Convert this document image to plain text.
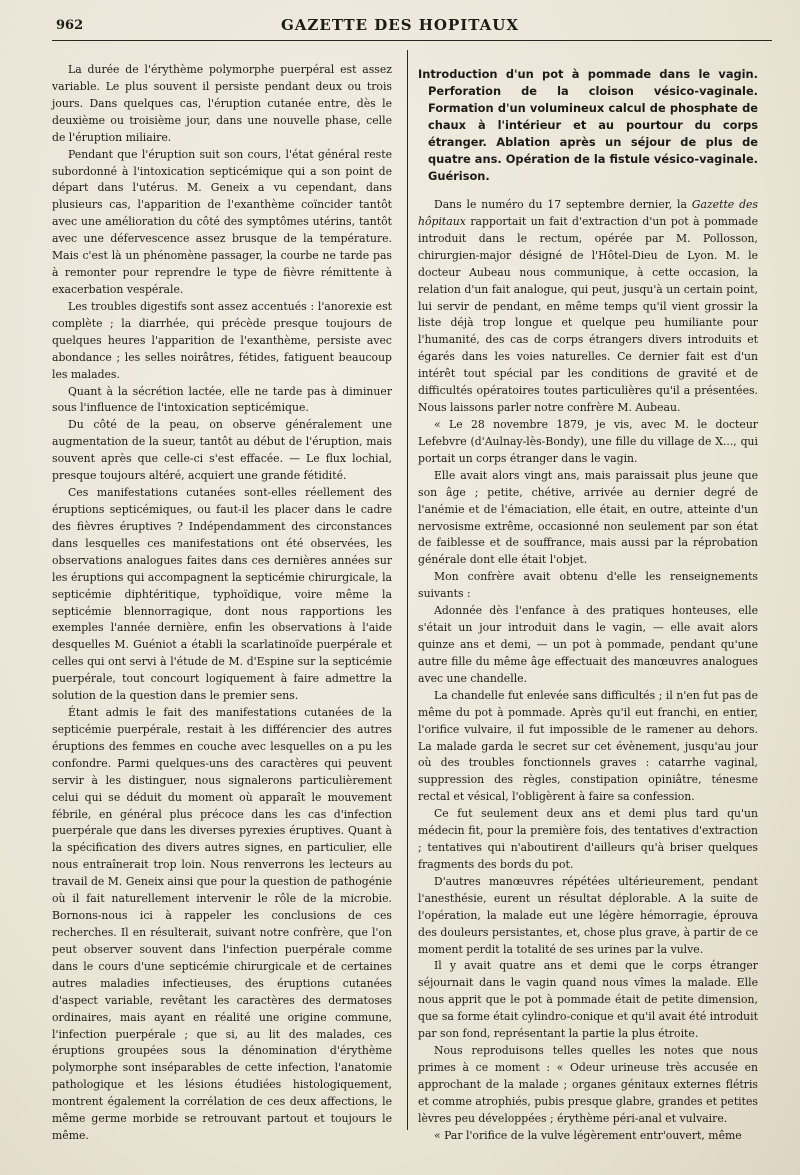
962	GAZETTE DES HOPITAUX

La durée de l'érythème polymorphe puerpéral est assez variable. Le plus souvent il persiste pendant deux ou trois jours. Dans quelques cas, l'éruption cutanée entre, dès le deuxième ou troisième jour, dans une nouvelle phase, celle de l'éruption miliaire.

Pendant que l'éruption suit son cours, l'état général reste subordonné à l'intoxication septicémique qui a son point de départ dans l'utérus. M. Geneix a vu cependant, dans plusieurs cas, l'apparition de l'exanthème coïncider tantôt avec une amélioration du côté des symptômes utérins, tantôt avec une défervescence assez brusque de la température. Mais c'est là un phénomène passager, la courbe ne tarde pas à remonter pour reprendre le type de fièvre rémittente à exacerbation vespérale.

Les troubles digestifs sont assez accentués : l'anorexie est complète ; la diarrhée, qui précède presque toujours de quelques heures l'apparition de l'exanthème, persiste avec abondance ; les selles noirâtres, fétides, fatiguent beaucoup les malades.

Quant à la sécrétion lactée, elle ne tarde pas à diminuer sous l'influence de l'intoxication septicémique.

Du côté de la peau, on observe généralement une augmentation de la sueur, tantôt au début de l'éruption, mais souvent après que celle-ci s'est effacée. — Le flux lochial, presque toujours altéré, acquiert une grande fétidité.

Ces manifestations cutanées sont-elles réellement des éruptions septicémiques, ou faut-il les placer dans le cadre des fièvres éruptives ? Indépendamment des circonstances dans lesquelles ces manifestations ont été observées, les observations analogues faites dans ces dernières années sur les éruptions qui accompagnent la septicémie chirurgicale, la septicémie diphtéritique, typhoïdique, voire même la septicémie blennorragique, dont nous rapportions les exemples l'année dernière, enfin les observations à l'aide desquelles M. Guéniot a établi la scarlatinoïde puerpérale et celles qui ont servi à l'étude de M. d'Espine sur la septicémie puerpérale, tout concourt logiquement à faire admettre la solution de la question dans le premier sens.

Étant admis le fait des manifestations cutanées de la septicémie puerpérale, restait à les différencier des autres éruptions des femmes en couche avec lesquelles on a pu les confondre. Parmi quelques-uns des caractères qui peuvent servir à les distinguer, nous signalerons particulièrement celui qui se déduit du moment où apparaît le mouvement fébrile, en général plus précoce dans les cas d'infection puerpérale que dans les diverses pyrexies éruptives. Quant à la spécification des divers autres signes, en particulier, elle nous entraînerait trop loin. Nous renverrons les lecteurs au travail de M. Geneix ainsi que pour la question de pathogénie où il fait naturellement intervenir le rôle de la microbie. Bornons-nous ici à rappeler les conclusions de ces recherches. Il en résulterait, suivant notre confrère, que l'on peut observer souvent dans l'infection puerpérale comme dans le cours d'une septicémie chirurgicale et de certaines autres maladies infectieuses, des éruptions cutanées d'aspect variable, revêtant les caractères des dermatoses ordinaires, mais ayant en réalité une origine commune, l'infection puerpérale ; que si, au lit des malades, ces éruptions groupées sous la dénomination d'érythème polymorphe sont inséparables de cette infection, l'anatomie pathologique et les lésions étudiées histologiquement, montrent également la corrélation de ces deux affections, le même germe morbide se retrouvant partout et toujours le même.

Introduction d'un pot à pommade dans le vagin. Perforation de la cloison vésico-vaginale. Formation d'un volumineux calcul de phosphate de chaux à l'intérieur et au pourtour du corps étranger. Ablation après un séjour de plus de quatre ans. Opération de la fistule vésico-vaginale. Guérison.

Dans le numéro du 17 septembre dernier, la Gazette des hôpitaux rapportait un fait d'extraction d'un pot à pommade introduit dans le rectum, opérée par M. Pollosson, chirurgien-major désigné de l'Hôtel-Dieu de Lyon. M. le docteur Aubeau nous communique, à cette occasion, la relation d'un fait analogue, qui peut, jusqu'à un certain point, lui servir de pendant, en même temps qu'il vient grossir la liste déjà trop longue et quelque peu humiliante pour l'humanité, des cas de corps étrangers divers introduits et égarés dans les voies naturelles. Ce dernier fait est d'un intérêt tout spécial par les conditions de gravité et de difficultés opératoires toutes particulières qu'il a présentées. Nous laissons parler notre confrère M. Aubeau.

« Le 28 novembre 1879, je vis, avec M. le docteur Lefebvre (d'Aulnay-lès-Bondy), une fille du village de X..., qui portait un corps étranger dans le vagin.

Elle avait alors vingt ans, mais paraissait plus jeune que son âge ; petite, chétive, arrivée au dernier degré de l'anémie et de l'émaciation, elle était, en outre, atteinte d'un nervosisme extrême, occasionné non seulement par son état de faiblesse et de souffrance, mais aussi par la réprobation générale dont elle était l'objet.

Mon confrère avait obtenu d'elle les renseignements suivants :

Adonnée dès l'enfance à des pratiques honteuses, elle s'était un jour introduit dans le vagin, — elle avait alors quinze ans et demi, — un pot à pommade, pendant qu'une autre fille du même âge effectuait des manœuvres analogues avec une chandelle.

La chandelle fut enlevée sans difficultés ; il n'en fut pas de même du pot à pommade. Après qu'il eut franchi, en entier, l'orifice vulvaire, il fut impossible de le ramener au dehors. La malade garda le secret sur cet évènement, jusqu'au jour où des troubles fonctionnels graves : catarrhe vaginal, suppression des règles, constipation opiniâtre, ténesme rectal et vésical, l'obligèrent à faire sa confession.

Ce fut seulement deux ans et demi plus tard qu'un médecin fit, pour la première fois, des tentatives d'extraction ; tentatives qui n'aboutirent d'ailleurs qu'à briser quelques fragments des bords du pot.

D'autres manœuvres répétées ultérieurement, pendant l'anesthésie, eurent un résultat déplorable. A la suite de l'opération, la malade eut une légère hémorragie, éprouva des douleurs persistantes, et, chose plus grave, à partir de ce moment perdit la totalité de ses urines par la vulve.

Il y avait quatre ans et demi que le corps étranger séjournait dans le vagin quand nous vîmes la malade. Elle nous apprit que le pot à pommade était de petite dimension, que sa forme était cylindro-conique et qu'il avait été introduit par son fond, représentant la partie la plus étroite.

Nous reproduisons telles quelles les notes que nous primes à ce moment : « Odeur urineuse très accusée en approchant de la malade ; organes génitaux externes flétris et comme atrophiés, pubis presque glabre, grandes et petites lèvres peu développées ; érythème péri-anal et vulvaire.

« Par l'orifice de la vulve légèrement entr'ouvert, même
